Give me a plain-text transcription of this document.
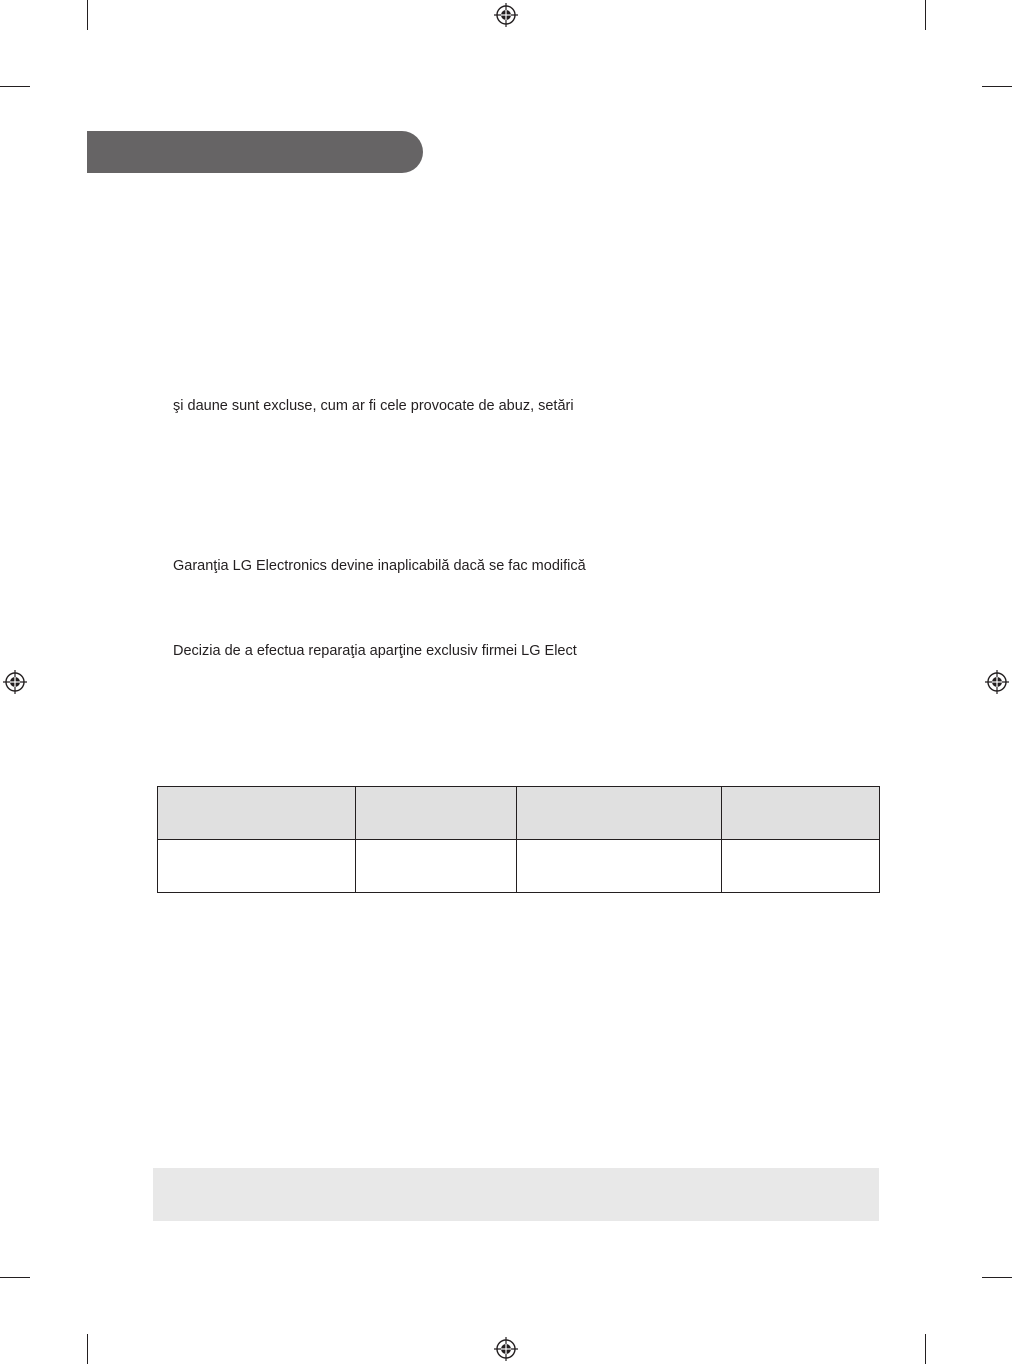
şi daune sunt excluse, cum ar fi cele provocate de abuz, setări
Garanţia LG Electronics devine inaplicabilă dacă se fac modifică
Decizia de a efectua reparaţia aparţine exclusiv firmei LG Elect
